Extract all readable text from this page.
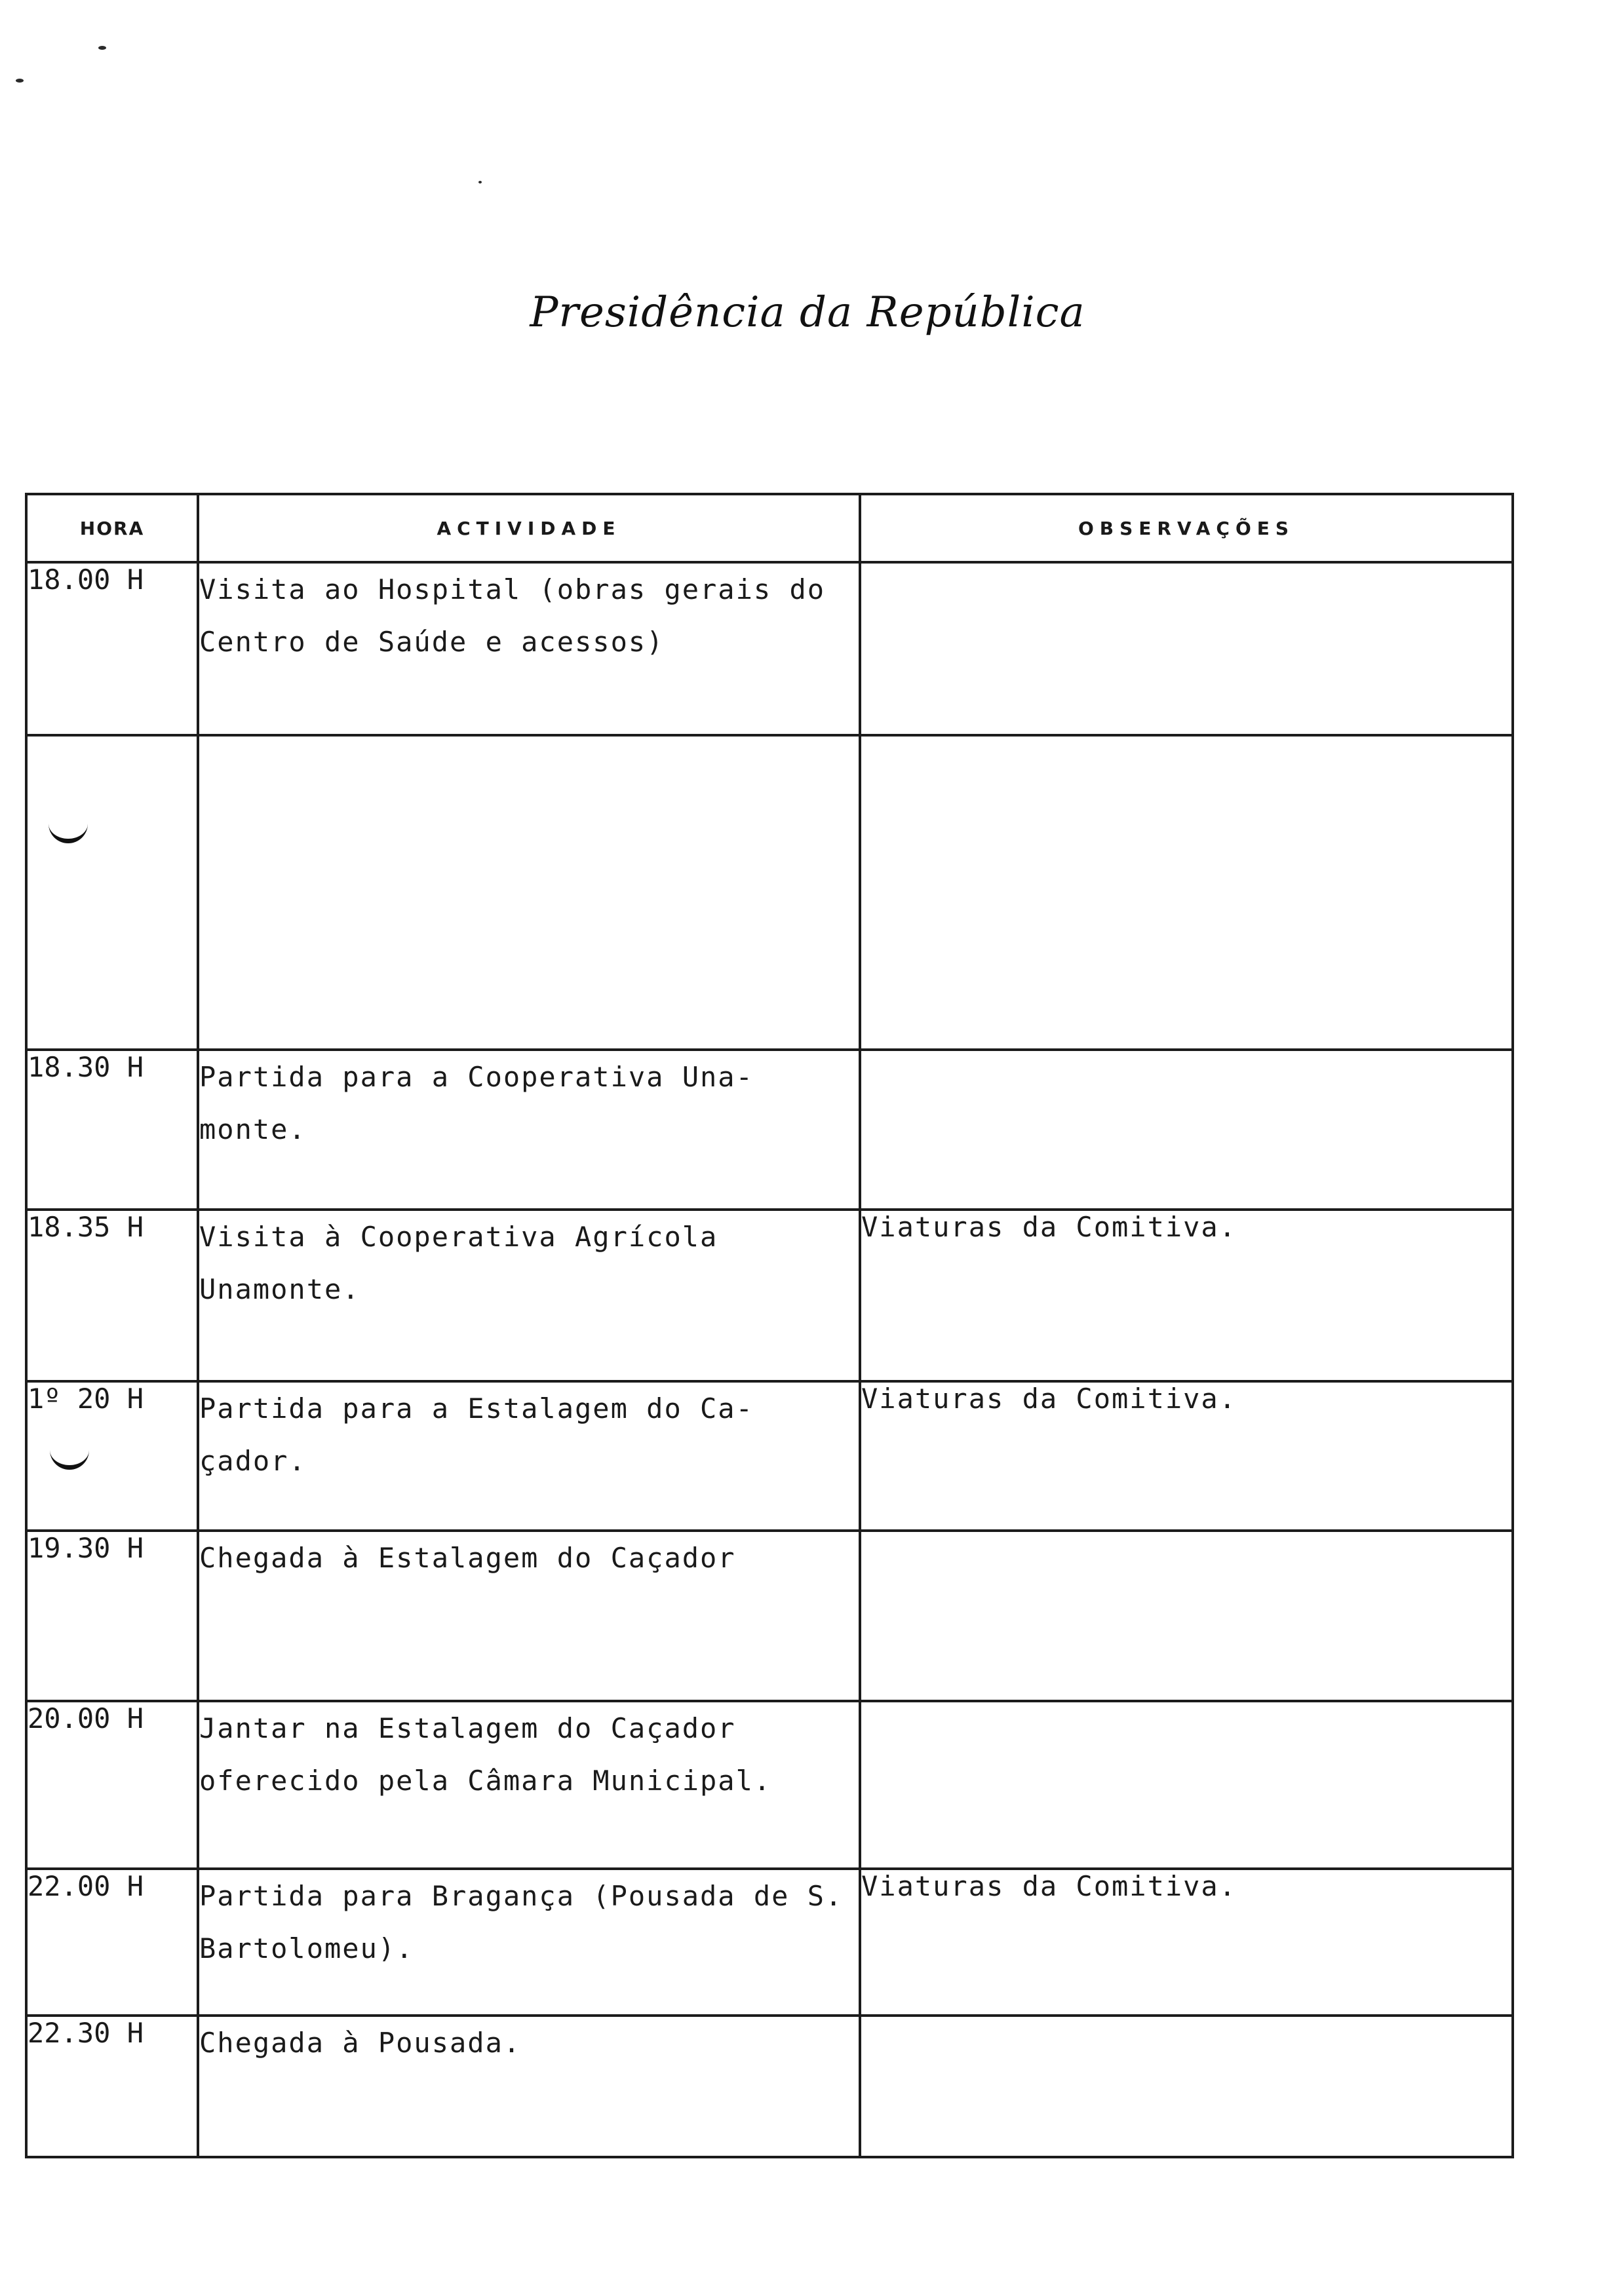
Presidência da República
HORA	ACTIVIDADE	OBSERVAÇÕES
18.00 H	Visita ao Hospital (obras gerais do Centro de Saúde e acessos)	

18.30 H	Partida para a Cooperativa Una-monte.	
18.35 H	Visita à Cooperativa Agrícola Unamonte.	Viaturas da Comitiva.
1º 20 H	Partida para a Estalagem do Ca-çador.	Viaturas da Comitiva.
19.30 H	Chegada à Estalagem do Caçador	
20.00 H	Jantar na Estalagem do Caçador oferecido pela Câmara Municipal.	
22.00 H	Partida para Bragança (Pousada de S. Bartolomeu).	Viaturas da Comitiva.
22.30 H	Chegada à Pousada.	
